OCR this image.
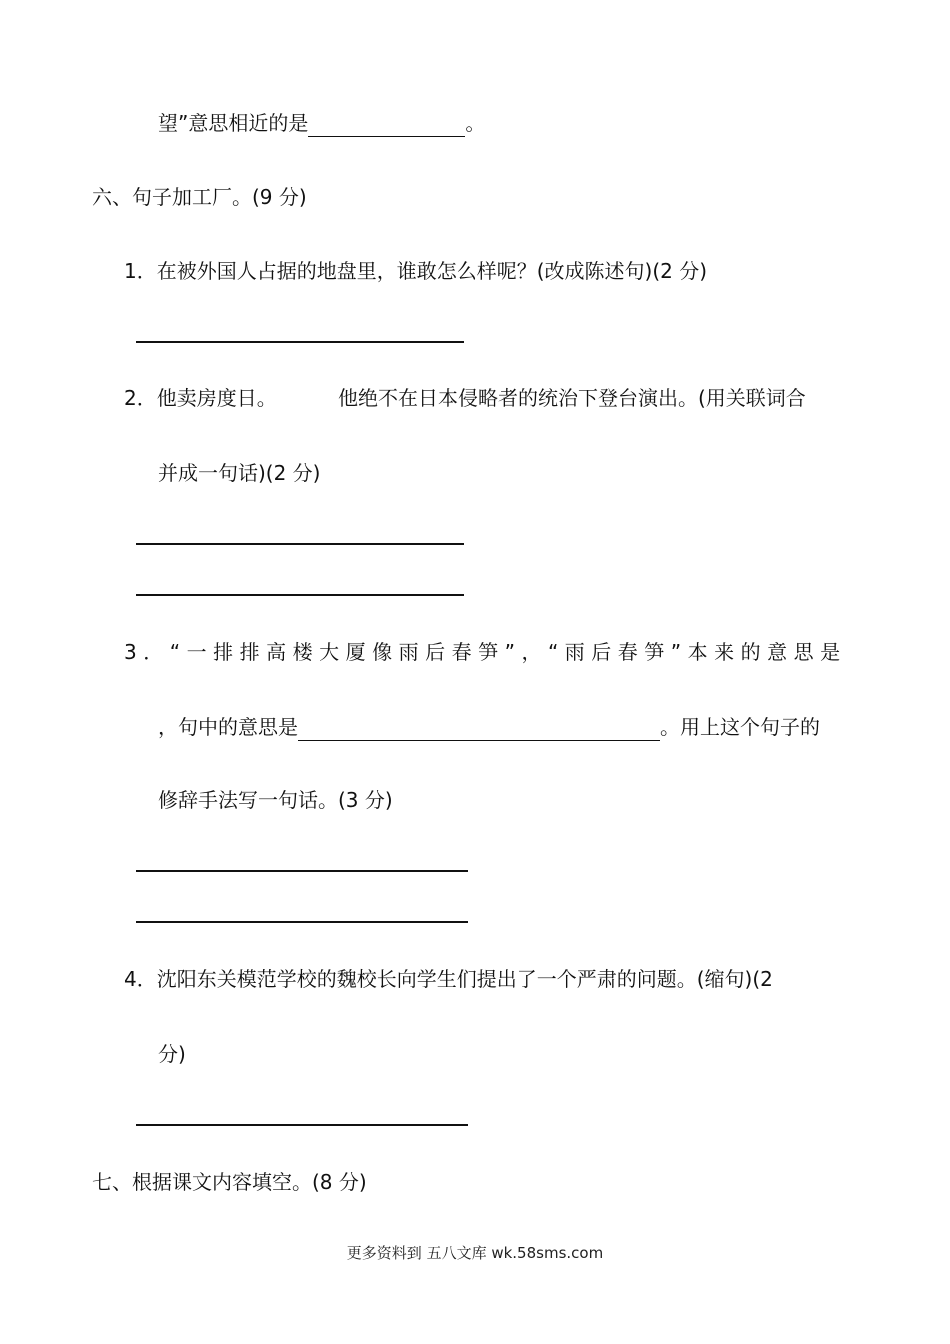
望”意思相近的是	。
六、句子加工厂。(9 分)
1．在被外国人占据的地盘里，谁敢怎么样呢？(改成陈述句)(2 分)
2．他卖房度日。	他绝不在日本侵略者的统治下登台演出。(用关联词合
并成一句话)(2 分)
3．“一排排高楼大厦像雨后春笋”，“雨后春笋”本来的意思是
，句中的意思是	。用上这个句子的
修辞手法写一句话。(3 分)
4．沈阳东关模范学校的魏校长向学生们提出了一个严肃的问题。(缩句)(2
分)
七、根据课文内容填空。(8 分)
更多资料到 五八文库 wk.58sms.com
